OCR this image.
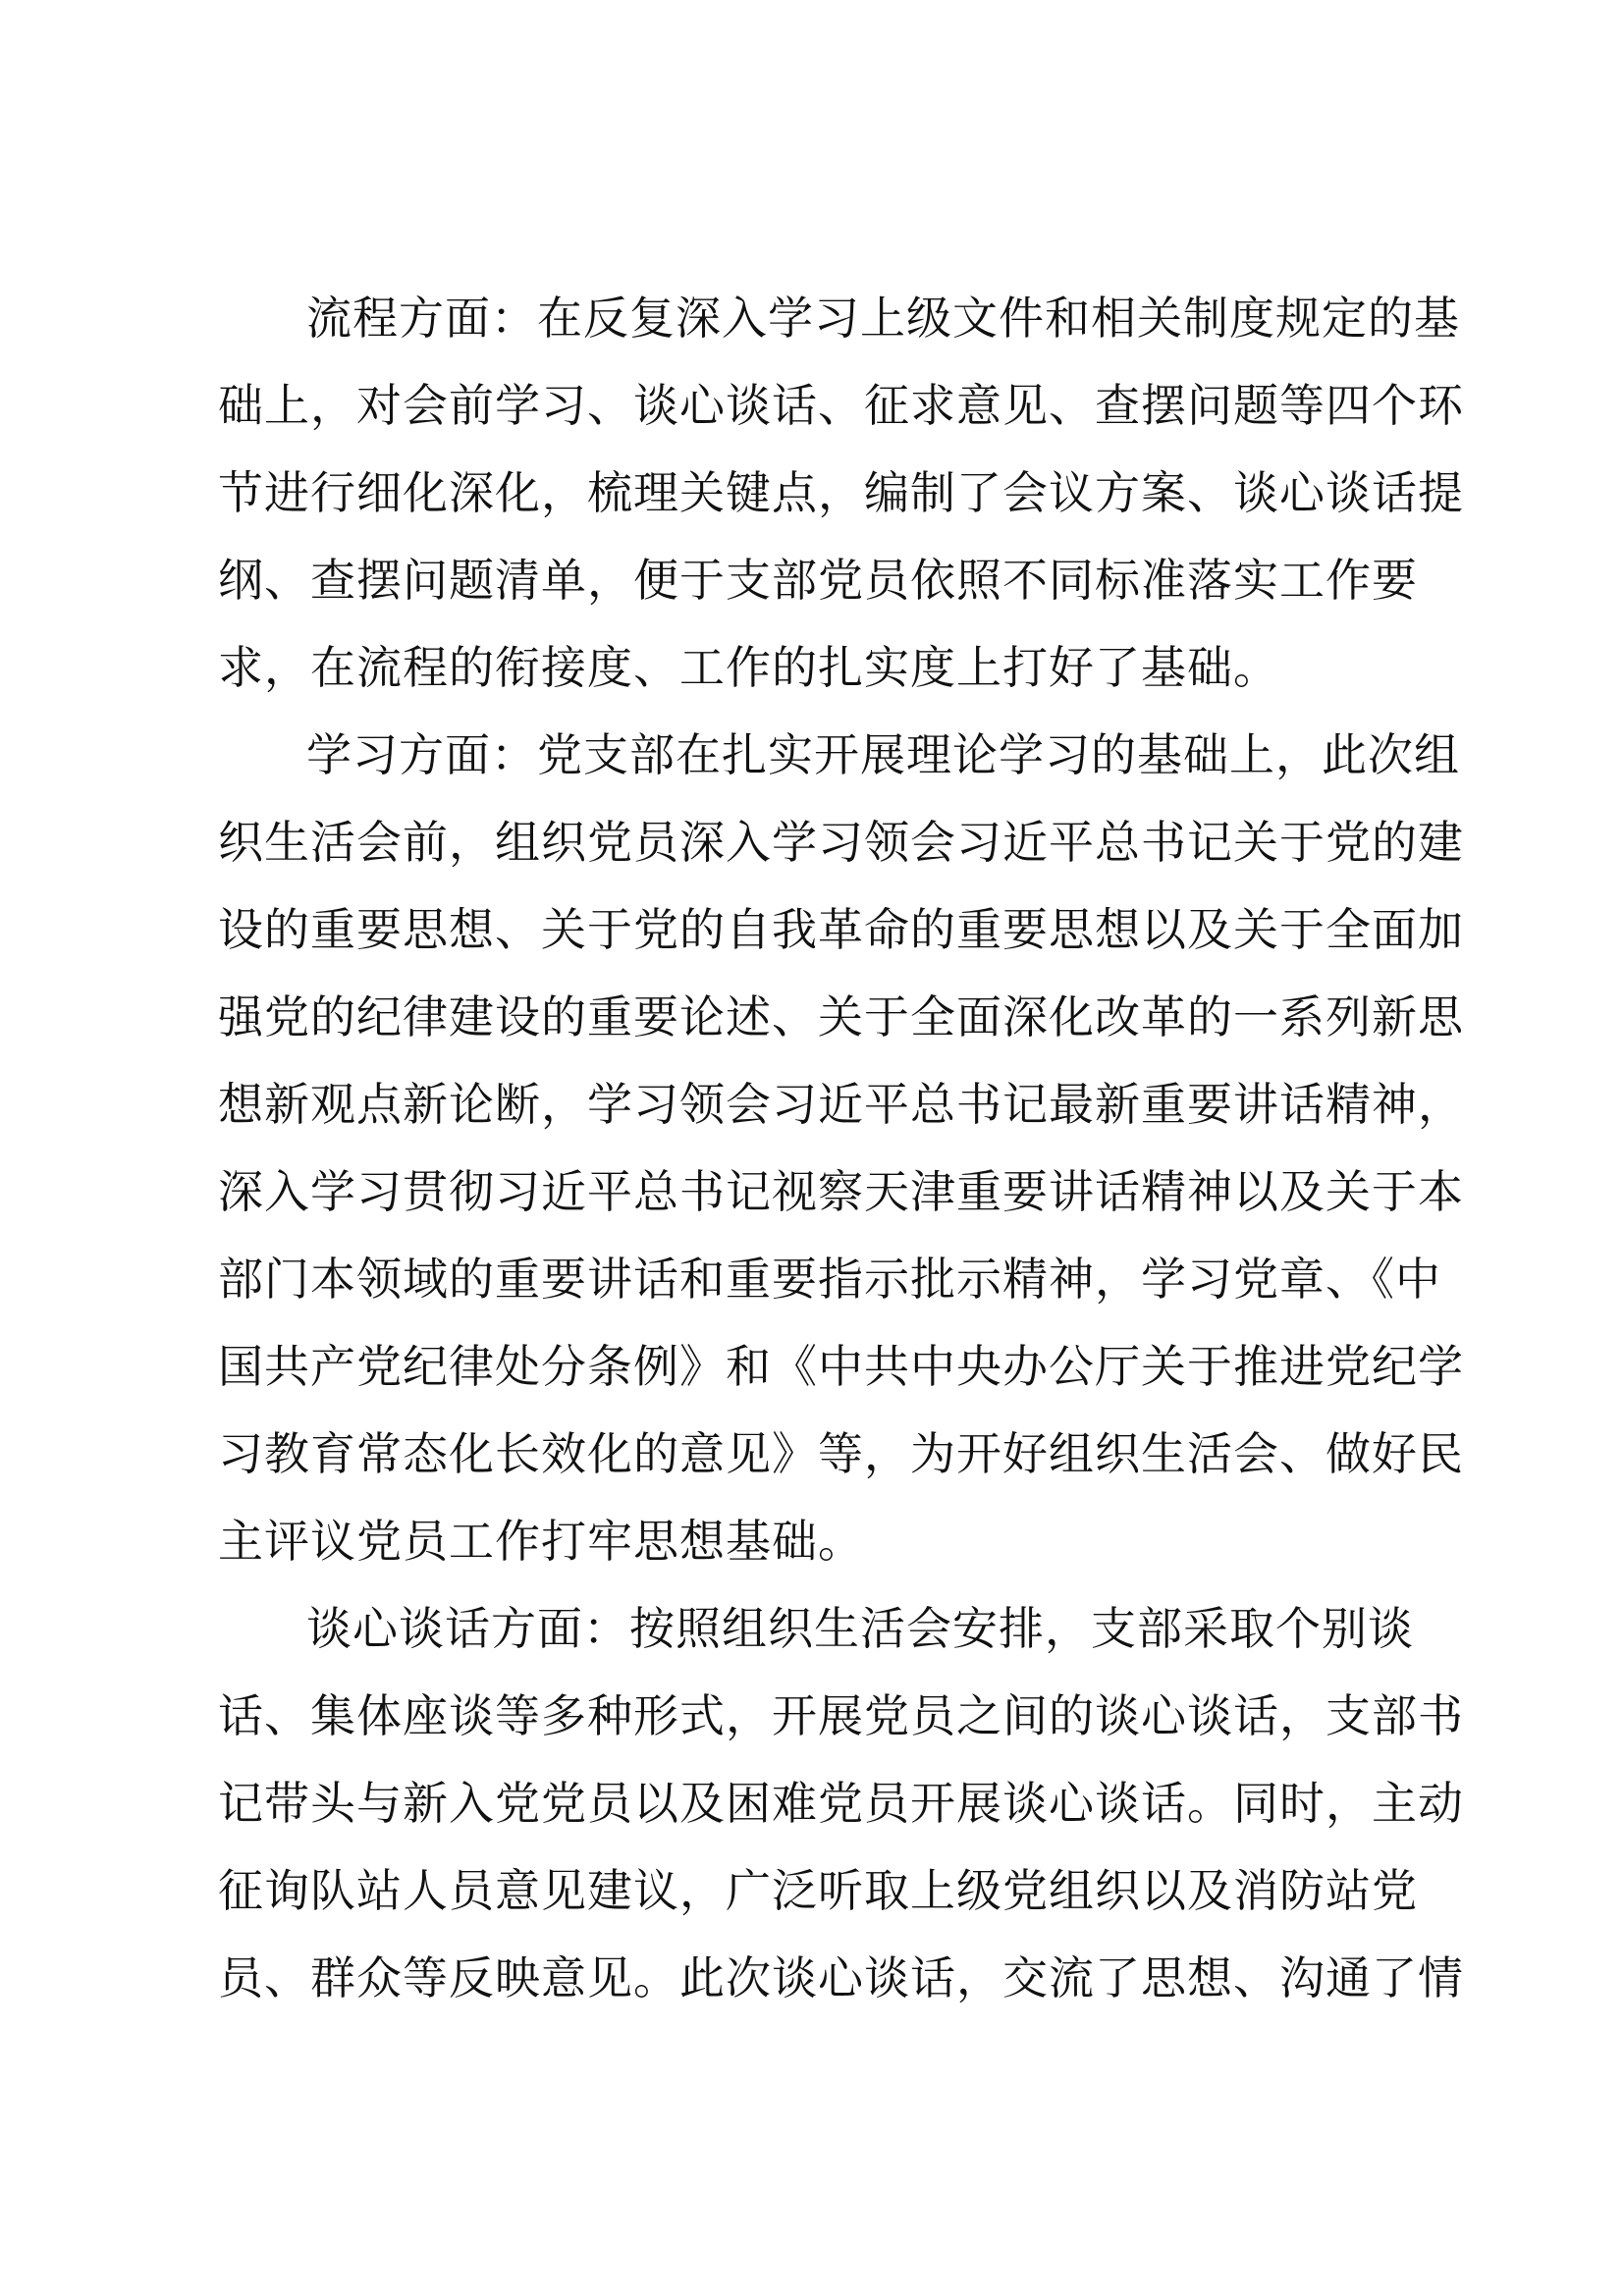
流程方面：在反复深入学习上级文件和相关制度规定的基
础上，对会前学习、谈心谈话、征求意见、查摆问题等四个环
节进行细化深化，梳理关键点，编制了会议方案、谈心谈话提
纲、查摆问题清单，便于支部党员依照不同标准落实工作要
求，在流程的衔接度、工作的扎实度上打好了基础。
学习方面：党支部在扎实开展理论学习的基础上，此次组
织生活会前，组织党员深入学习领会习近平总书记关于党的建
设的重要思想、关于党的自我革命的重要思想以及关于全面加
强党的纪律建设的重要论述、关于全面深化改革的一系列新思
想新观点新论断，学习领会习近平总书记最新重要讲话精神，
深入学习贯彻习近平总书记视察天津重要讲话精神以及关于本
部门本领域的重要讲话和重要指示批示精神，学习党章、《中
国共产党纪律处分条例》和《中共中央办公厅关于推进党纪学
习教育常态化长效化的意见》等，为开好组织生活会、做好民
主评议党员工作打牢思想基础。
谈心谈话方面：按照组织生活会安排，支部采取个别谈
话、集体座谈等多种形式，开展党员之间的谈心谈话，支部书
记带头与新入党党员以及困难党员开展谈心谈话。同时，主动
征询队站人员意见建议，广泛听取上级党组织以及消防站党
员、群众等反映意见。此次谈心谈话，交流了思想、沟通了情
